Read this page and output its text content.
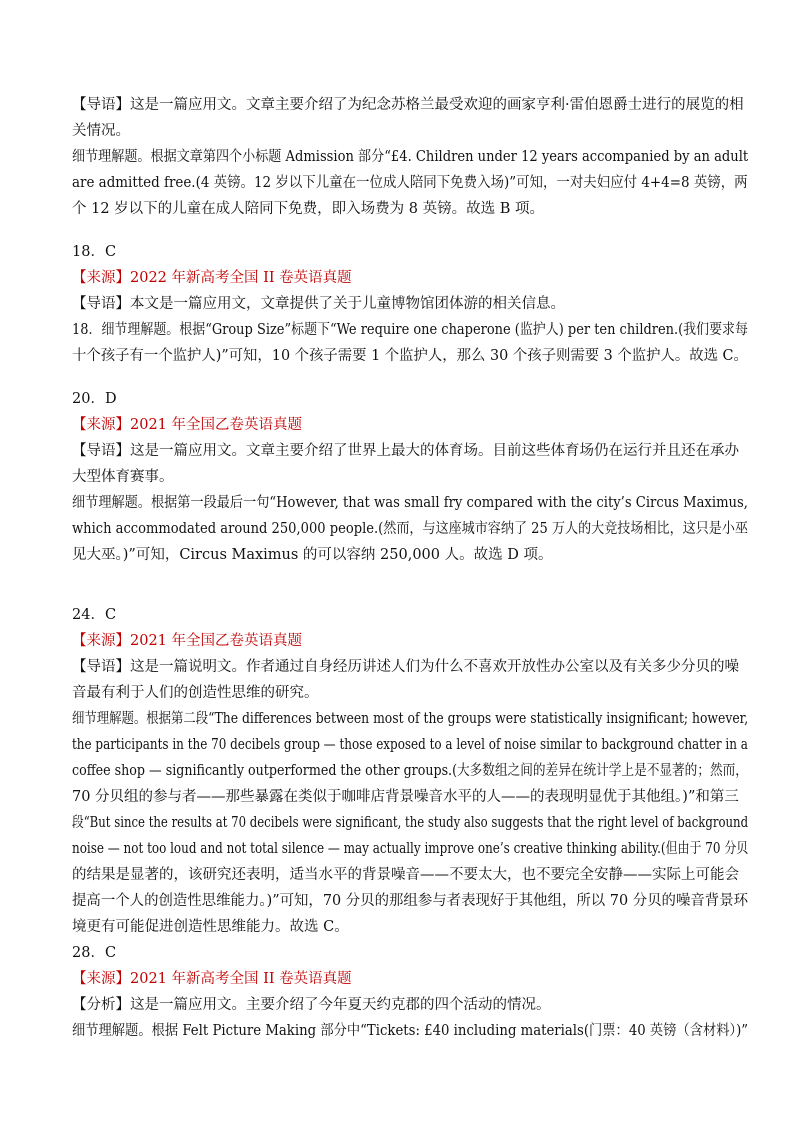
【导语】这是一篇应用文。文章主要介绍了为纪念苏格兰最受欢迎的画家亨利·雷伯恩爵士进行的展览的相
关情况。
细节理解题。根据文章第四个小标题 Admission 部分“£4. Children under 12 years accompanied by an adult
are admitted free.(4 英镑。12 岁以下儿童在一位成人陪同下免费入场)”可知，一对夫妇应付 4+4=8 英镑，两
个 12 岁以下的儿童在成人陪同下免费，即入场费为 8 英镑。故选 B 项。
18．C
【来源】2022 年新高考全国 II 卷英语真题
【导语】本文是一篇应用文，文章提供了关于儿童博物馆团体游的相关信息。
18．细节理解题。根据“Group Size”标题下“We require one chaperone (监护人) per ten children.(我们要求每
十个孩子有一个监护人)”可知，10 个孩子需要 1 个监护人，那么 30 个孩子则需要 3 个监护人。故选 C。
20．D
【来源】2021 年全国乙卷英语真题
【导语】这是一篇应用文。文章主要介绍了世界上最大的体育场。目前这些体育场仍在运行并且还在承办
大型体育赛事。
细节理解题。根据第一段最后一句“However, that was small fry compared with the city’s Circus Maximus,
which accommodated around 250,000 people.(然而，与这座城市容纳了 25 万人的大竞技场相比，这只是小巫
见大巫。)”可知，Circus Maximus 的可以容纳 250,000 人。故选 D 项。
24．C
【来源】2021 年全国乙卷英语真题
【导语】这是一篇说明文。作者通过自身经历讲述人们为什么不喜欢开放性办公室以及有关多少分贝的噪
音最有利于人们的创造性思维的研究。
细节理解题。根据第二段“The differences between most of the groups were statistically insignificant; however,
the participants in the 70 decibels group — those exposed to a level of noise similar to background chatter in a
coffee shop — significantly outperformed the other groups.(大多数组之间的差异在统计学上是不显著的；然而，
70 分贝组的参与者——那些暴露在类似于咖啡店背景噪音水平的人——的表现明显优于其他组。)”和第三
段“But since the results at 70 decibels were significant, the study also suggests that the right level of background
noise — not too loud and not total silence — may actually improve one’s creative thinking ability.(但由于 70 分贝
的结果是显著的，该研究还表明，适当水平的背景噪音——不要太大，也不要完全安静——实际上可能会
提高一个人的创造性思维能力。)”可知，70 分贝的那组参与者表现好于其他组，所以 70 分贝的噪音背景环
境更有可能促进创造性思维能力。故选 C。
28．C
【来源】2021 年新高考全国 II 卷英语真题
【分析】这是一篇应用文。主要介绍了今年夏天约克郡的四个活动的情况。
细节理解题。根据 Felt Picture Making 部分中“Tickets: £40 including materials(门票：40 英镑（含材料）)”
